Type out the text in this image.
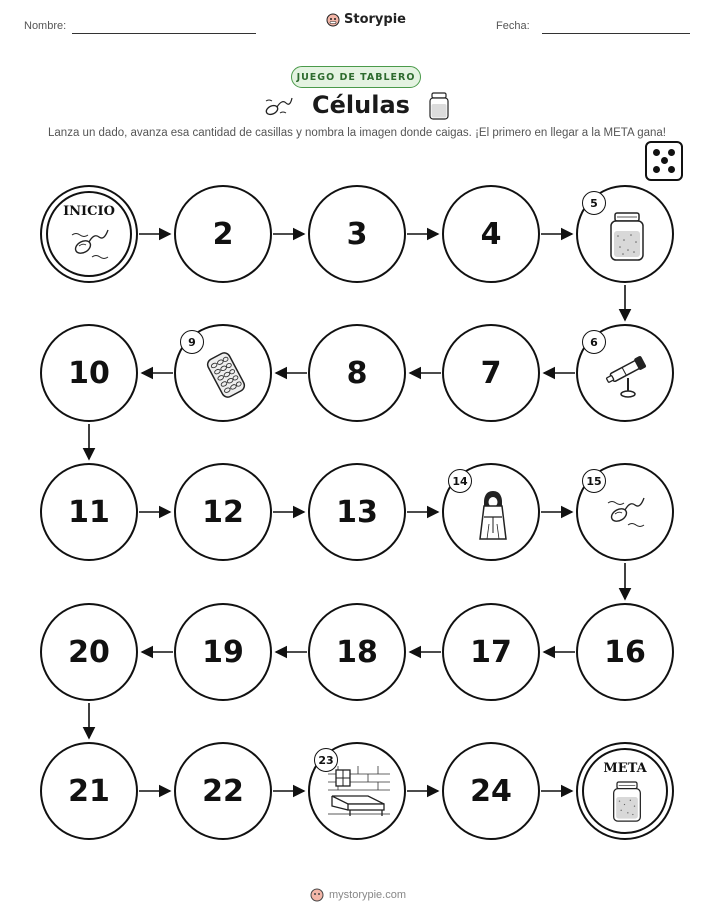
Nombre:	Storypie	Fecha:
JUEGO DE TABLERO
Células
Lanza un dado, avanza esa cantidad de casillas y nombra la imagen donde caigas. ¡El primero en llegar a la META gana!
INICIO
2	3	4
5
10
9
8	7
6
11	12	13
14	15
20	19	18	17	16
21	22
23
24
META
mystorypie.com
